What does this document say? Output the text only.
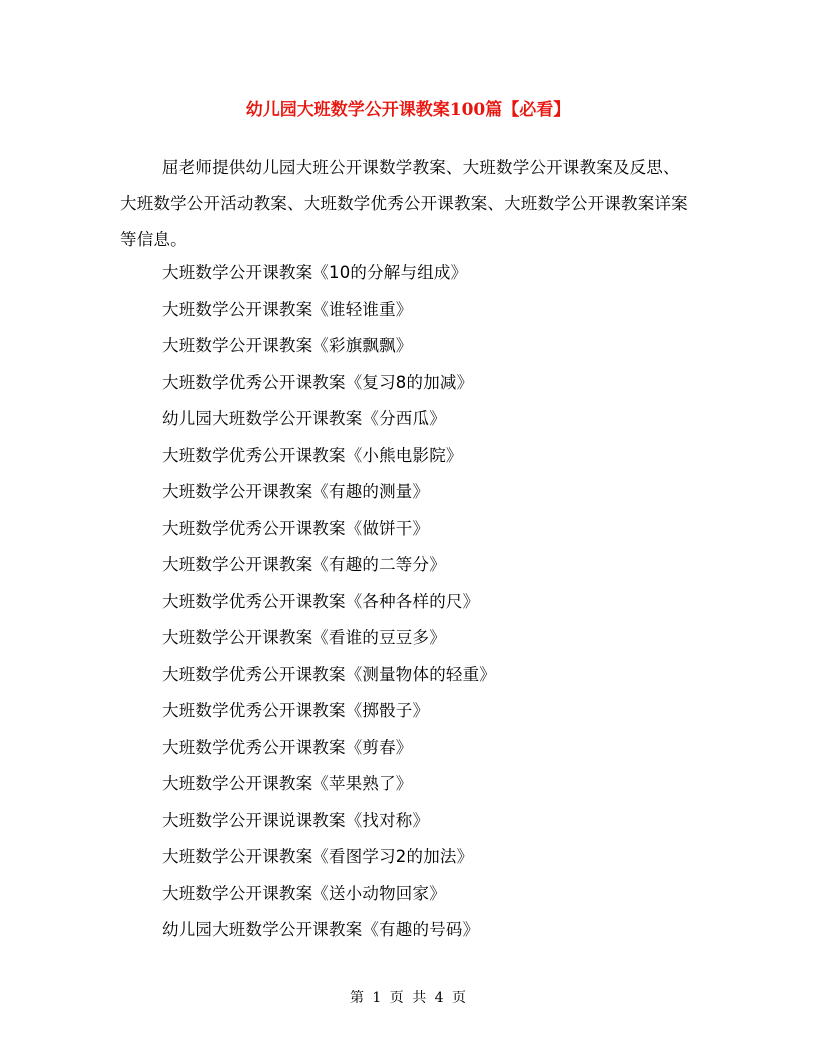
幼儿园大班数学公开课教案100篇【必看】
屈老师提供幼儿园大班公开课数学教案、大班数学公开课教案及反思、大班数学公开活动教案、大班数学优秀公开课教案、大班数学公开课教案详案等信息。
大班数学公开课教案《10的分解与组成》
大班数学公开课教案《谁轻谁重》
大班数学公开课教案《彩旗飘飘》
大班数学优秀公开课教案《复习8的加减》
幼儿园大班数学公开课教案《分西瓜》
大班数学优秀公开课教案《小熊电影院》
大班数学公开课教案《有趣的测量》
大班数学优秀公开课教案《做饼干》
大班数学公开课教案《有趣的二等分》
大班数学优秀公开课教案《各种各样的尺》
大班数学公开课教案《看谁的豆豆多》
大班数学优秀公开课教案《测量物体的轻重》
大班数学优秀公开课教案《掷骰子》
大班数学优秀公开课教案《剪春》
大班数学公开课教案《苹果熟了》
大班数学公开课说课教案《找对称》
大班数学公开课教案《看图学习2的加法》
大班数学公开课教案《送小动物回家》
幼儿园大班数学公开课教案《有趣的号码》
第 1 页 共 4 页
